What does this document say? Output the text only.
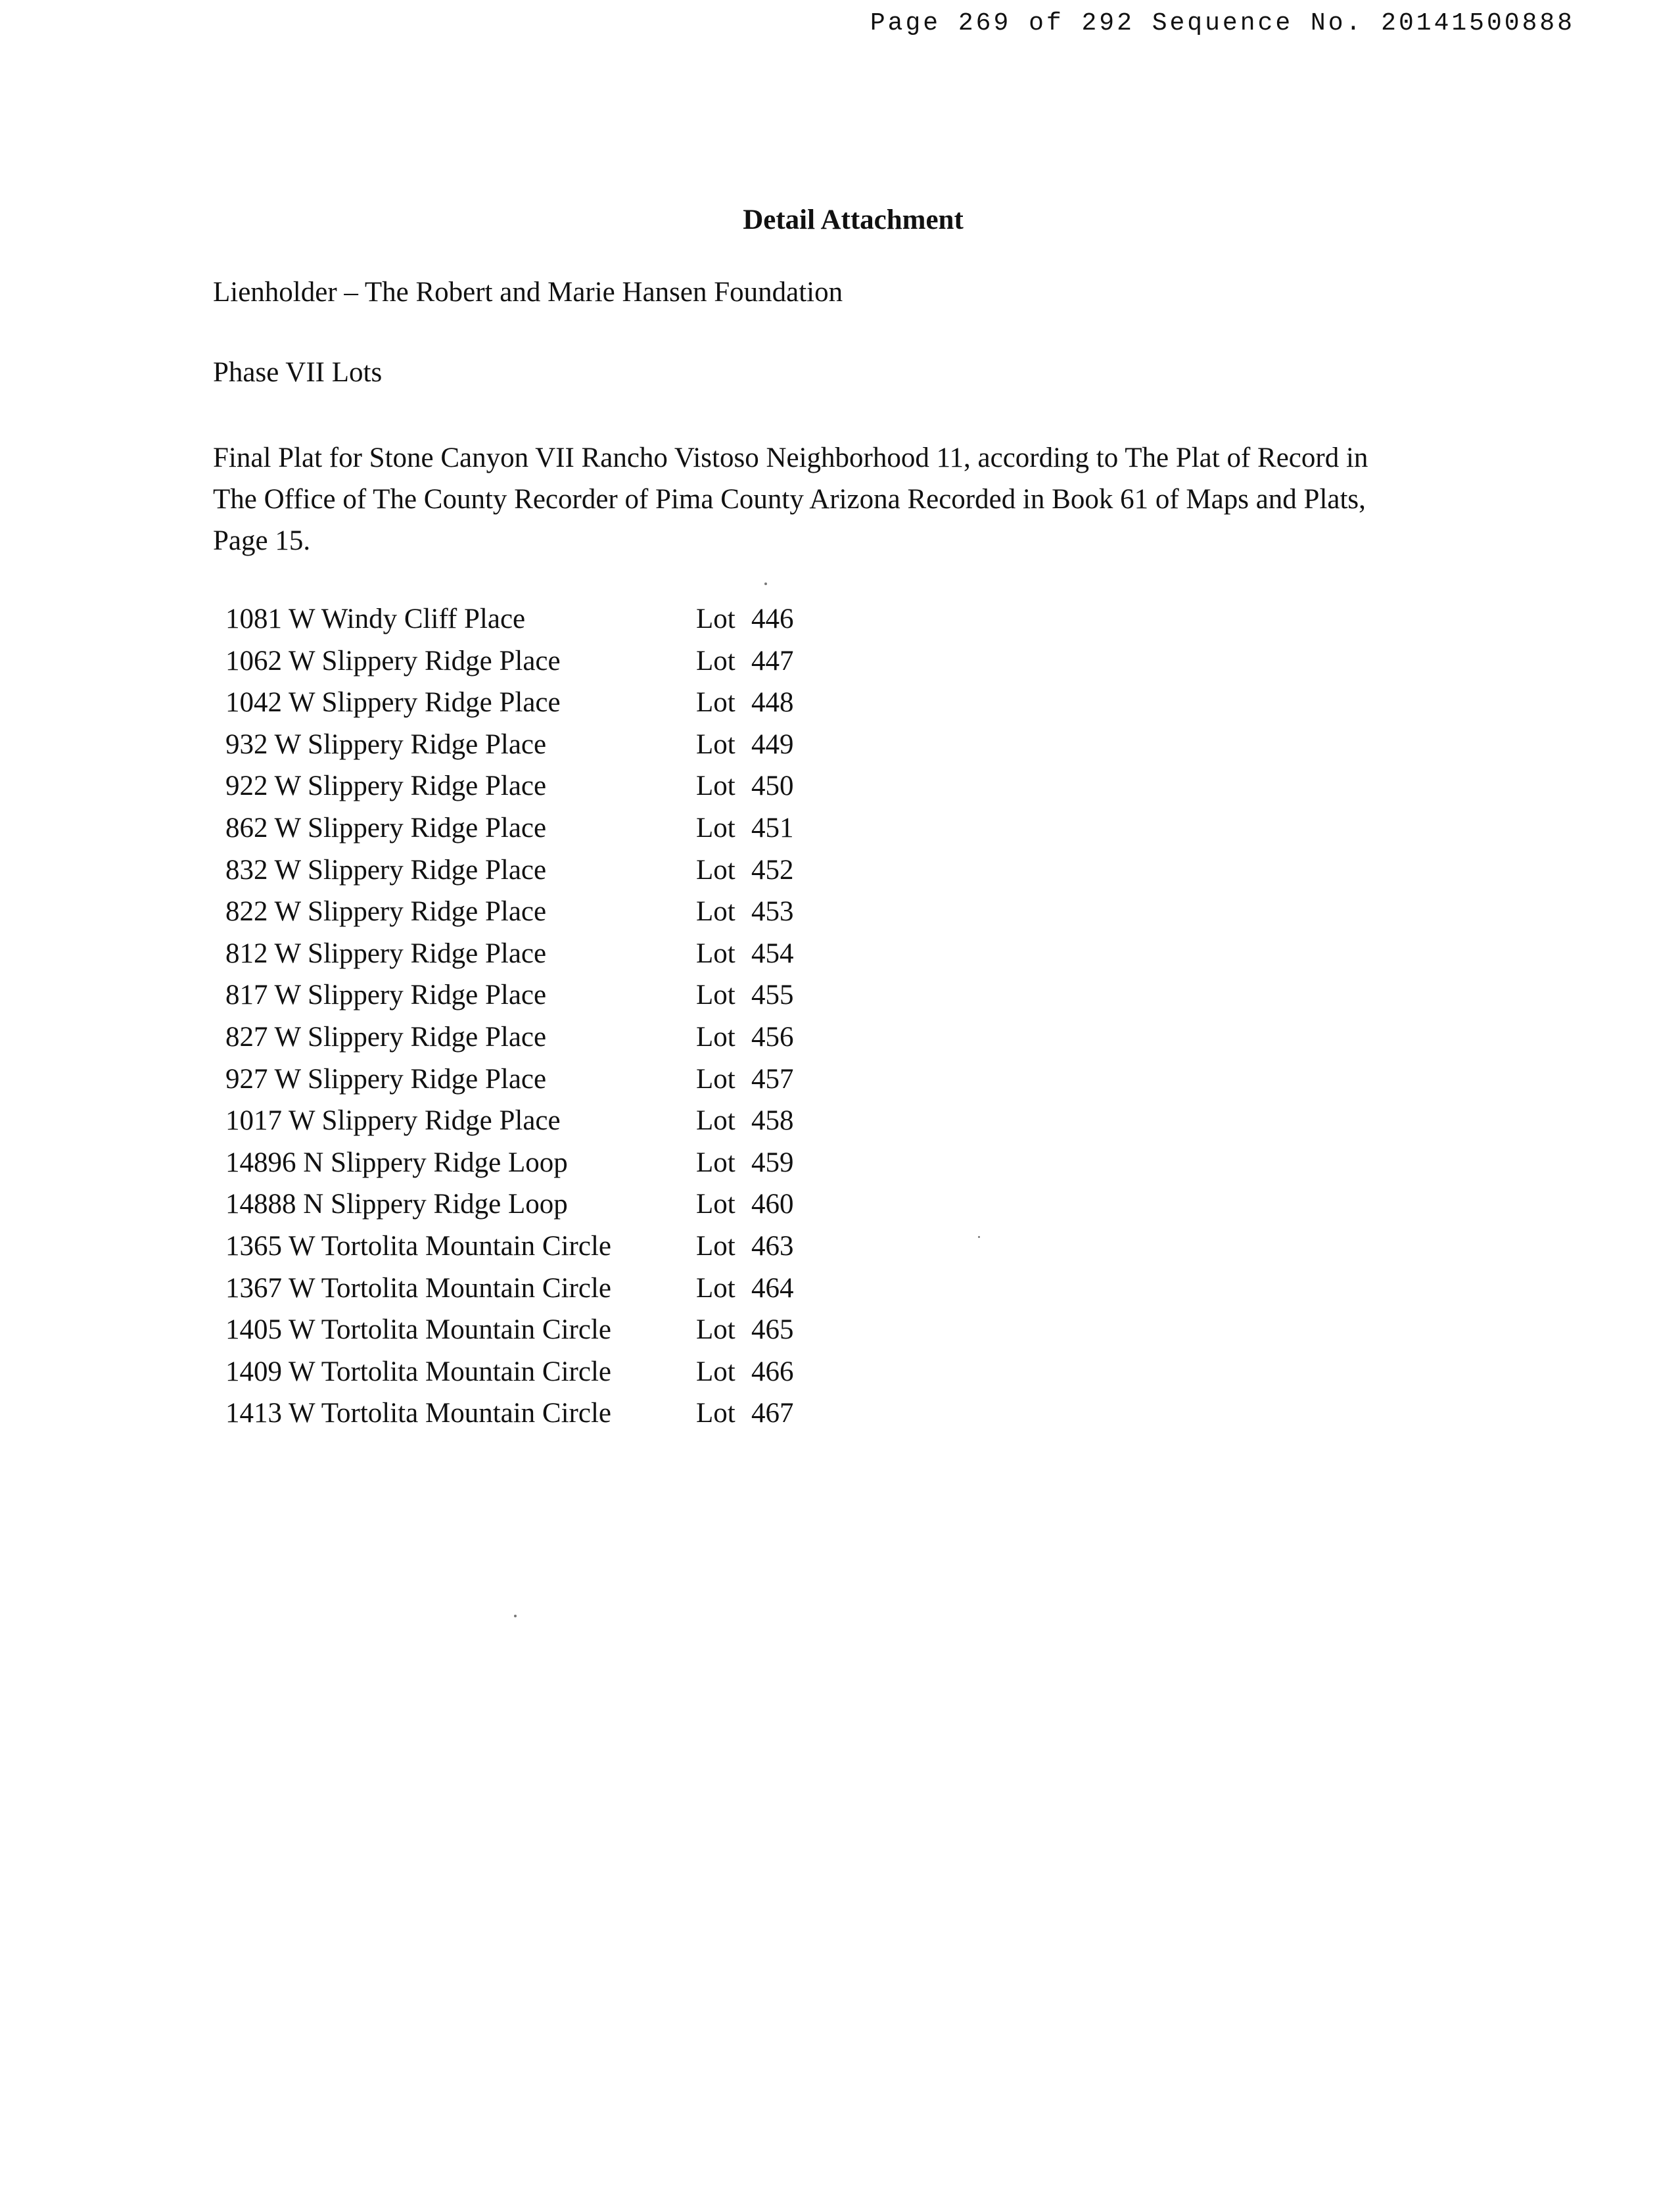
Page 269 of 292 Sequence No. 20141500888
Detail Attachment
Lienholder – The Robert and Marie Hansen Foundation
Phase VII Lots
Final Plat for Stone Canyon VII Rancho Vistoso Neighborhood 11, according to The Plat of Record in
The Office of The County Recorder of Pima County Arizona Recorded in Book 61 of Maps and Plats,
Page 15.
1081 W Windy Cliff Place	Lot 446
1062 W Slippery Ridge Place	Lot 447
1042 W Slippery Ridge Place	Lot 448
932 W Slippery Ridge Place	Lot 449
922 W Slippery Ridge Place	Lot 450
862 W Slippery Ridge Place	Lot 451
832 W Slippery Ridge Place	Lot 452
822 W Slippery Ridge Place	Lot 453
812 W Slippery Ridge Place	Lot 454
817 W Slippery Ridge Place	Lot 455
827 W Slippery Ridge Place	Lot 456
927 W Slippery Ridge Place	Lot 457
1017 W Slippery Ridge Place	Lot 458
14896 N Slippery Ridge Loop	Lot 459
14888 N Slippery Ridge Loop	Lot 460
1365 W Tortolita Mountain Circle	Lot 463
1367 W Tortolita Mountain Circle	Lot 464
1405 W Tortolita Mountain Circle	Lot 465
1409 W Tortolita Mountain Circle	Lot 466
1413 W Tortolita Mountain Circle	Lot 467
